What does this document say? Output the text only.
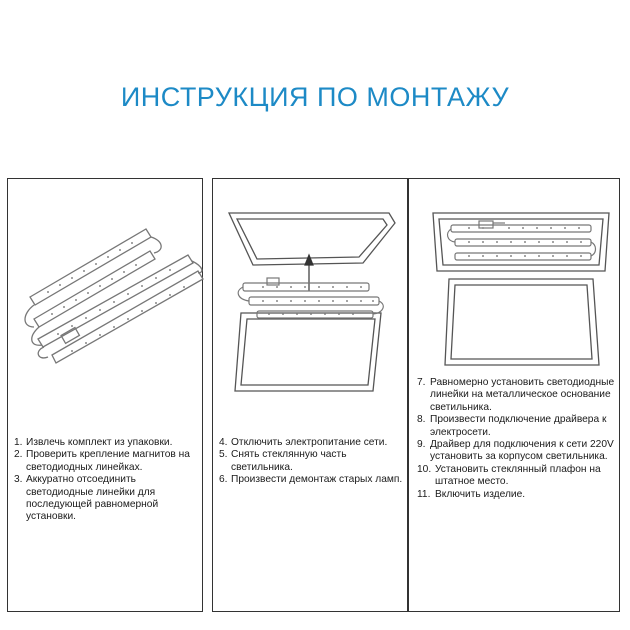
ИНСТРУКЦИЯ ПО МОНТАЖУ
1. Извлечь комплект из упаковки.
2. Проверить крепление магнитов на светодиодных линейках.
3. Аккуратно отсоединить светодиодные линейки для последующей равномерной установки.
4. Отключить электропитание сети.
5. Снять стеклянную часть светильника.
6. Произвести демонтаж старых ламп.
7. Равномерно установить светодиодные линейки на металлическое основание светильника.
8. Произвести подключение драйвера к электросети.
9. Драйвер для подключения к сети 220V установить за корпусом светильника.
10. Установить стеклянный плафон на штатное место.
11. Включить изделие.
